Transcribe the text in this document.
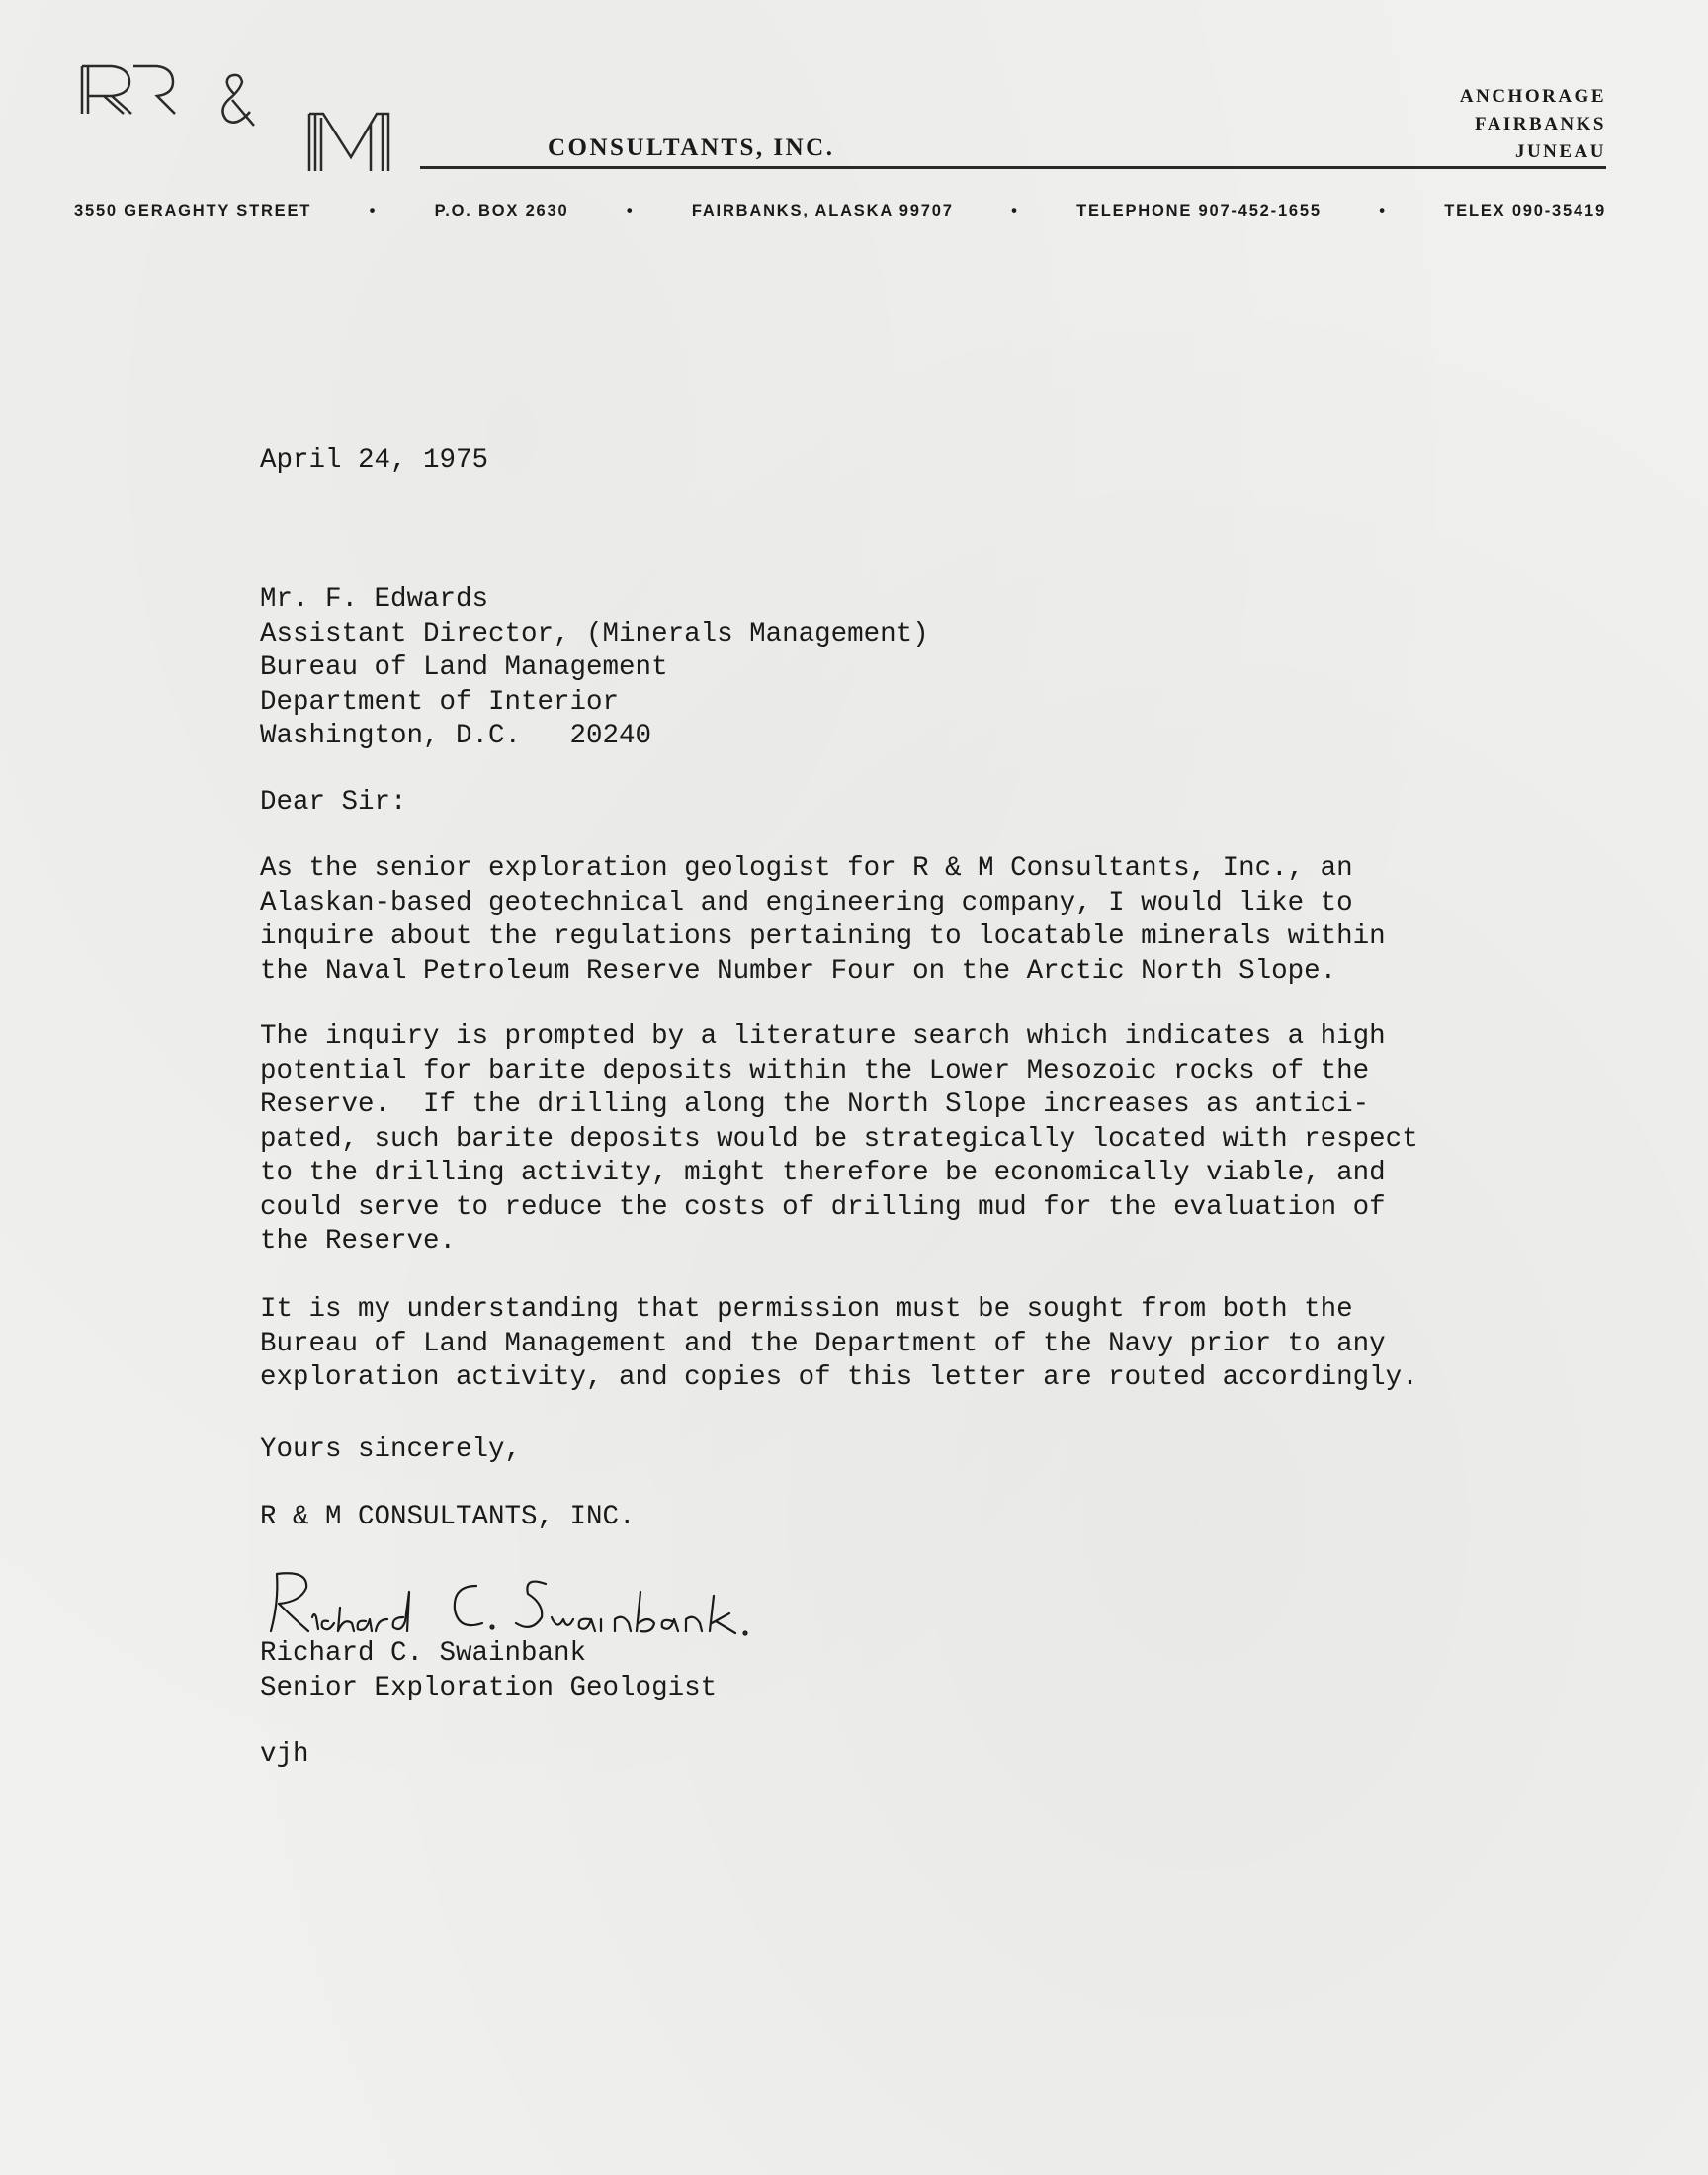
CONSULTANTS, INC.
ANCHORAGE
FAIRBANKS
JUNEAU
3550 GERAGHTY STREET	•	P.O. BOX 2630	•	FAIRBANKS, ALASKA 99707	•	TELEPHONE 907-452-1655	•	TELEX 090-35419
April 24, 1975
Mr. F. Edwards
Assistant Director, (Minerals Management)
Bureau of Land Management
Department of Interior
Washington, D.C.   20240
Dear Sir:
As the senior exploration geologist for R & M Consultants, Inc., an
Alaskan-based geotechnical and engineering company, I would like to
inquire about the regulations pertaining to locatable minerals within
the Naval Petroleum Reserve Number Four on the Arctic North Slope.
The inquiry is prompted by a literature search which indicates a high
potential for barite deposits within the Lower Mesozoic rocks of the
Reserve.  If the drilling along the North Slope increases as antici-
pated, such barite deposits would be strategically located with respect
to the drilling activity, might therefore be economically viable, and
could serve to reduce the costs of drilling mud for the evaluation of
the Reserve.
It is my understanding that permission must be sought from both the
Bureau of Land Management and the Department of the Navy prior to any
exploration activity, and copies of this letter are routed accordingly.
Yours sincerely,
R & M CONSULTANTS, INC.
Richard C. Swainbank
Senior Exploration Geologist
vjh
